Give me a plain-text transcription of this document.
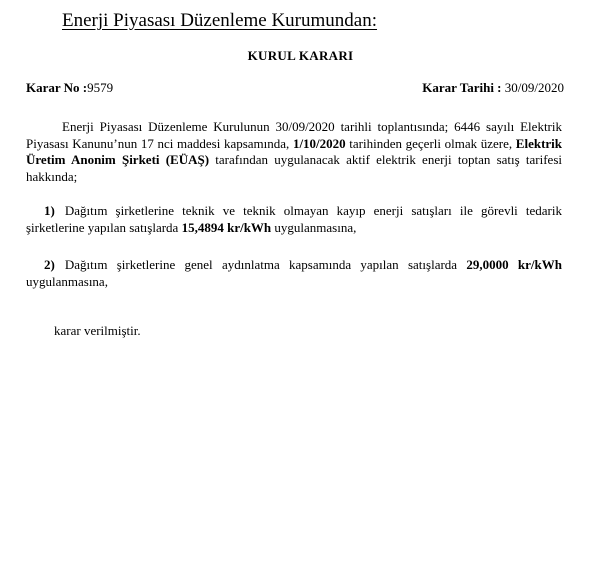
Enerji Piyasası Düzenleme Kurumundan:
KURUL KARARI
Karar No :9579	Karar Tarihi : 30/09/2020
Enerji Piyasası Düzenleme Kurulunun 30/09/2020 tarihli toplantısında; 6446 sayılı Elektrik Piyasası Kanunu’nun 17 nci maddesi kapsamında, 1/10/2020 tarihinden geçerli olmak üzere, Elektrik Üretim Anonim Şirketi (EÜAŞ) tarafından uygulanacak aktif elektrik enerji toptan satış tarifesi hakkında;
1) Dağıtım şirketlerine teknik ve teknik olmayan kayıp enerji satışları ile görevli tedarik şirketlerine yapılan satışlarda 15,4894 kr/kWh uygulanmasına,
2) Dağıtım şirketlerine genel aydınlatma kapsamında yapılan satışlarda 29,0000 kr/kWh uygulanmasına,
karar verilmiştir.
